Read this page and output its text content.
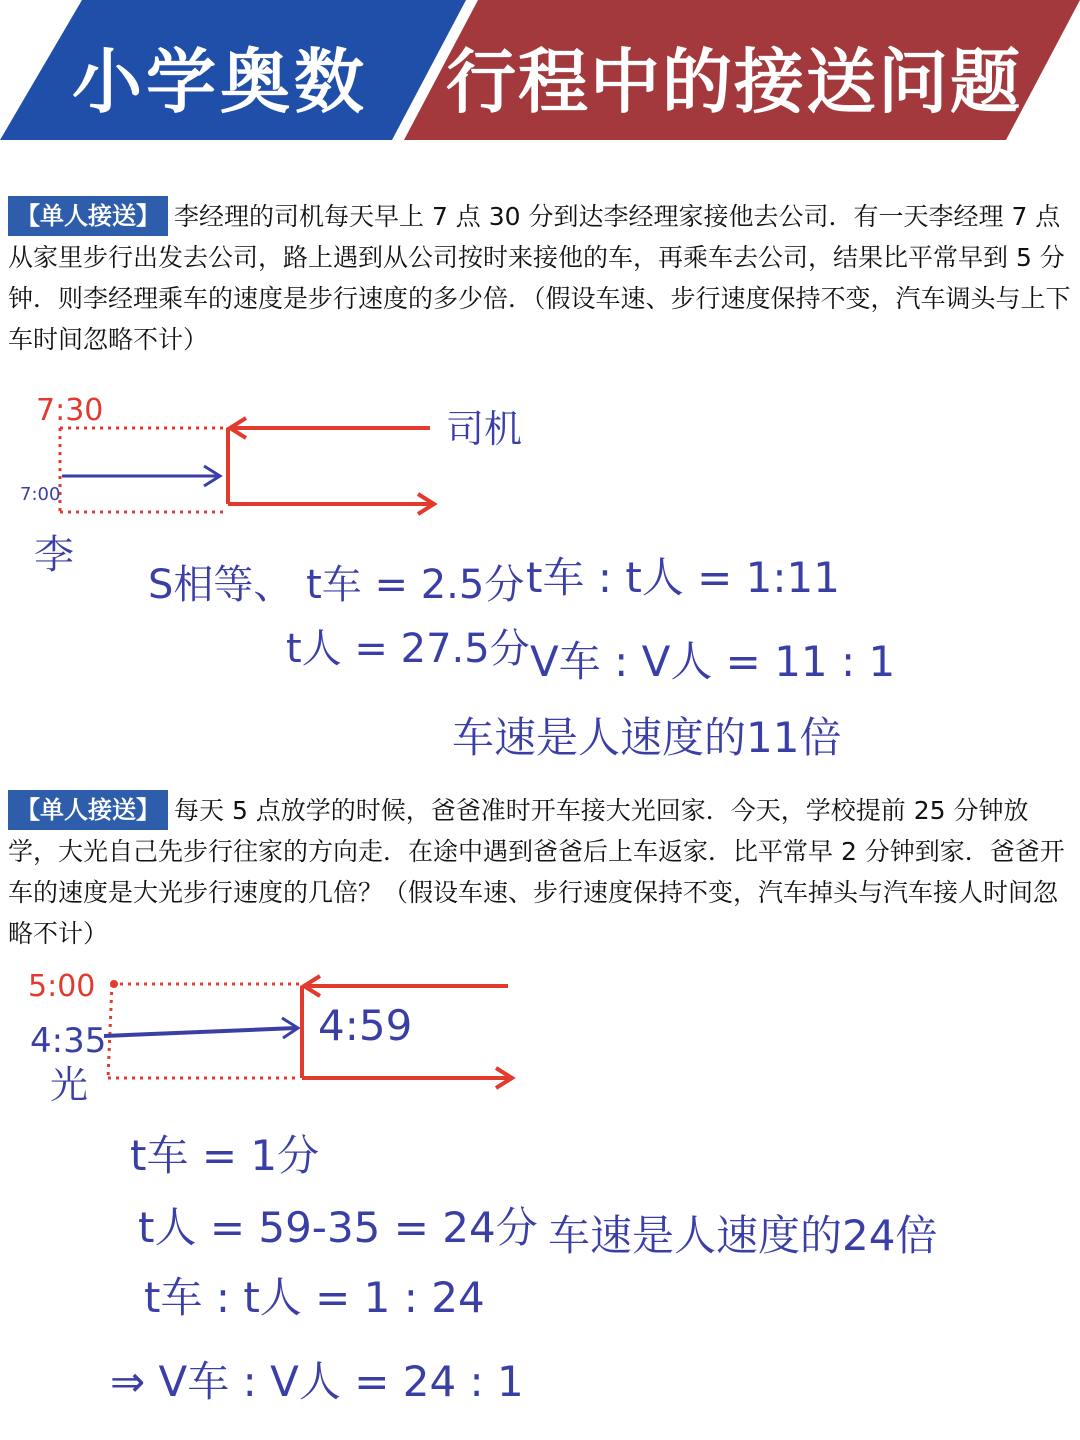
小学奥数 行程中的接送问题

【单人接送】 李经理的司机每天早上 7 点 30 分到达李经理家接他去公司．有一天李经理 7 点从家里步行出发去公司，路上遇到从公司按时来接他的车，再乘车去公司，结果比平常早到 5 分钟．则李经理乘车的速度是步行速度的多少倍．（假设车速、步行速度保持不变，汽车调头与上下车时间忽略不计）

7:30
7:00
李
司机
S相等、 t车 = 2.5分
t人 = 27.5分
t车 : t人 = 1:11
V车 : V人 = 11 : 1
车速是人速度的11倍

【单人接送】 每天 5 点放学的时候，爸爸准时开车接大光回家．今天，学校提前 25 分钟放学，大光自己先步行往家的方向走．在途中遇到爸爸后上车返家．比平常早 2 分钟到家．爸爸开车的速度是大光步行速度的几倍？（假设车速、步行速度保持不变，汽车掉头与汽车接人时间忽略不计）

5:00
4:35
光
4:59
t车 = 1分
t人 = 59-35 = 24分
t车 : t人 = 1 : 24
⇒ V车 : V人 = 24 : 1
车速是人速度的24倍
